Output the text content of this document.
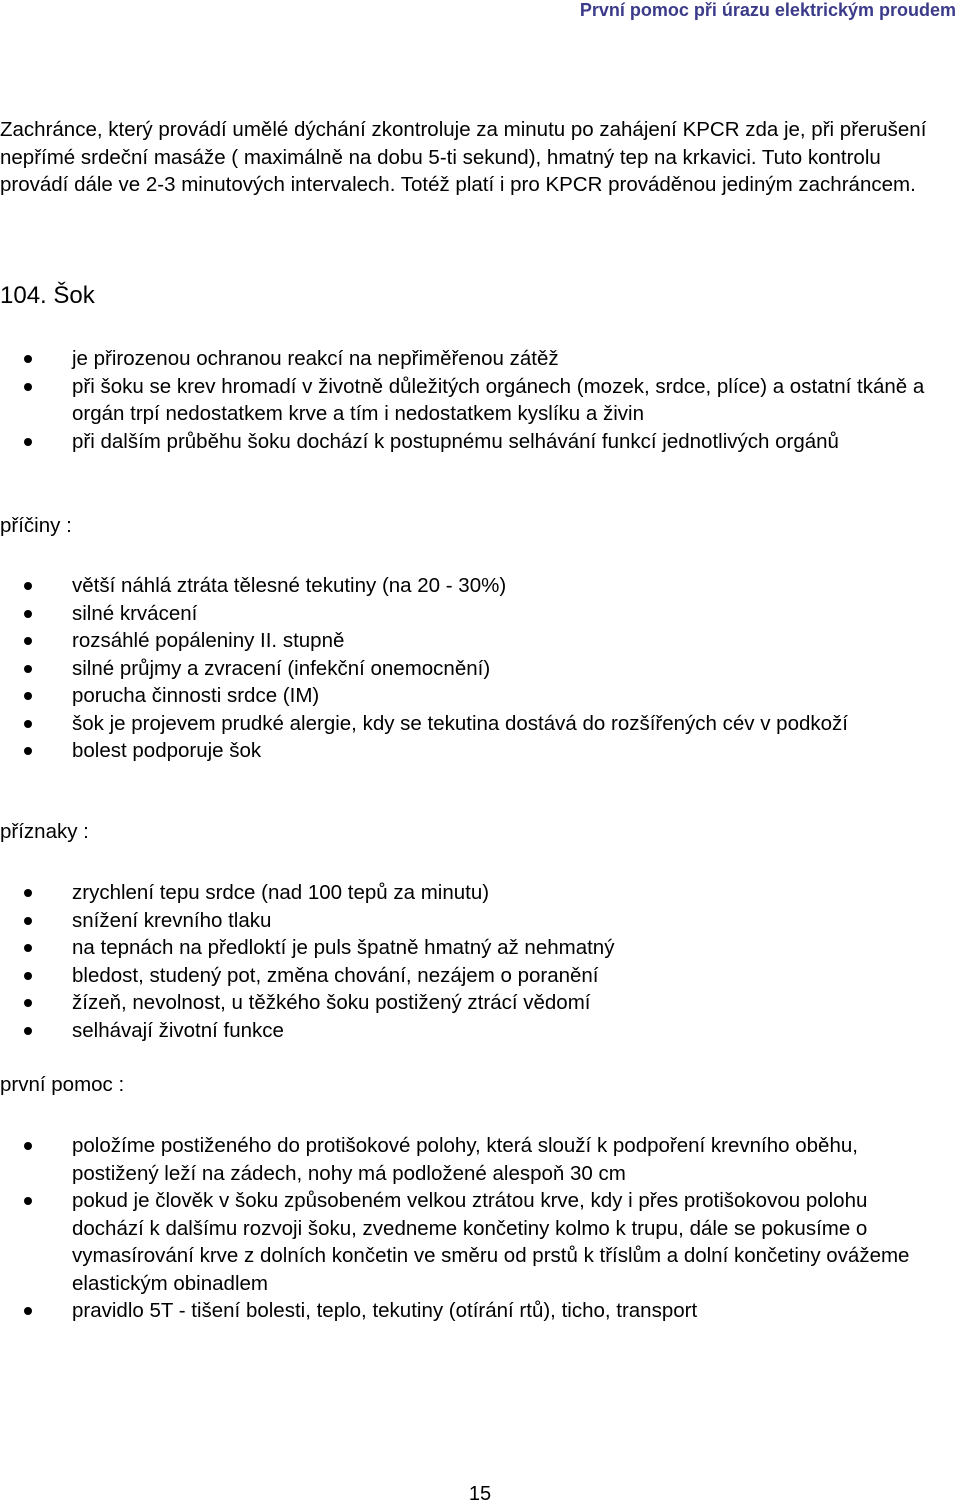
První pomoc při úrazu elektrickým proudem

Zachránce, který provádí umělé dýchání zkontroluje za minutu po zahájení KPCR zda je, při přerušení nepřímé srdeční masáže ( maximálně na dobu 5-ti sekund), hmatný tep na krkavici. Tuto kontrolu provádí dále ve 2-3 minutových intervalech. Totéž platí i pro KPCR prováděnou jediným zachráncem.

104. Šok
je přirozenou ochranou reakcí na nepřiměřenou zátěž
při šoku se krev hromadí v životně důležitých orgánech (mozek, srdce, plíce) a ostatní tkáně a orgán trpí nedostatkem krve a tím i nedostatkem kyslíku a živin
při dalším průběhu šoku dochází k postupnému selhávání funkcí jednotlivých orgánů

příčiny :

větší náhlá ztráta tělesné tekutiny (na 20 - 30%)
silné krvácení
rozsáhlé popáleniny II. stupně
silné průjmy a zvracení (infekční onemocnění)
porucha činnosti srdce (IM)
šok je projevem prudké alergie, kdy se tekutina dostává do rozšířených cév v podkoží
bolest podporuje šok

příznaky :

zrychlení tepu srdce (nad 100 tepů za minutu)
snížení krevního tlaku
na tepnách na předloktí je puls špatně hmatný až nehmatný
bledost, studený pot, změna chování, nezájem o poranění
žízeň, nevolnost, u těžkého šoku postižený ztrácí vědomí
selhávají životní funkce

první pomoc :

položíme postiženého do protišokové polohy, která slouží k podpoření krevního oběhu, postižený leží na zádech, nohy má podložené alespoň 30 cm
pokud je člověk v šoku způsobeném velkou ztrátou krve, kdy i přes protišokovou polohu dochází k dalšímu rozvoji šoku, zvedneme končetiny kolmo k trupu, dále se pokusíme o vymasírování krve z dolních končetin ve směru od prstů k tříslům a dolní končetiny ovážeme elastickým obinadlem
pravidlo 5T - tišení bolesti, teplo, tekutiny (otírání rtů), ticho, transport
15
